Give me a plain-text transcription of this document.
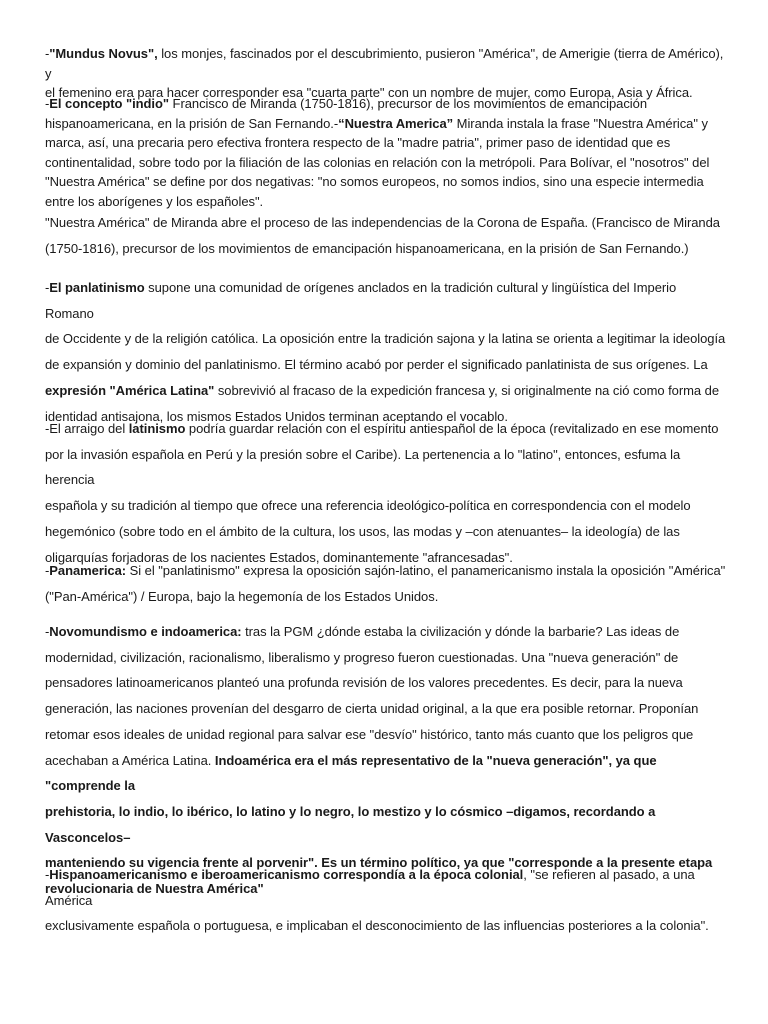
-"Mundus Novus", los monjes, fascinados por el descubrimiento, pusieron "América", de Amerigie (tierra de Américo), y
el femenino era para hacer corresponder esa "cuarta parte" con un nombre de mujer, como Europa, Asia y África.

-El concepto "indio" Francisco de Miranda (1750-1816), precursor de los movimientos de emancipación
hispanoamericana, en la prisión de San Fernando.-“Nuestra America” Miranda instala la frase "Nuestra América" y
marca, así, una precaria pero efectiva frontera respecto de la "madre patria", primer paso de identidad que es
continentalidad, sobre todo por la filiación de las colonias en relación con la metrópoli. Para Bolívar, el "nosotros" del
"Nuestra América" se define por dos negativas: "no somos europeos, no somos indios, sino una especie intermedia
entre los aborígenes y los españoles".

"Nuestra América" de Miranda abre el proceso de las independencias de la Corona de España. (Francisco de Miranda
(1750-1816), precursor de los movimientos de emancipación hispanoamericana, en la prisión de San Fernando.)

-El panlatinismo supone una comunidad de orígenes anclados en la tradición cultural y lingüística del Imperio Romano
de Occidente y de la religión católica. La oposición entre la tradición sajona y la latina se orienta a legitimar la ideología
de expansión y dominio del panlatinismo. El término acabó por perder el significado panlatinista de sus orígenes. La
expresión "América Latina" sobrevivió al fracaso de la expedición francesa y, si originalmente na ció como forma de
identidad antisajona, los mismos Estados Unidos terminan aceptando el vocablo.

-El arraigo del latinismo podría guardar relación con el espíritu antiespañol de la época (revitalizado en ese momento
por la invasión española en Perú y la presión sobre el Caribe). La pertenencia a lo "latino", entonces, esfuma la herencia
española y su tradición al tiempo que ofrece una referencia ideológico-política en correspondencia con el modelo
hegemónico (sobre todo en el ámbito de la cultura, los usos, las modas y –con atenuantes– la ideología) de las
oligarquías forjadoras de los nacientes Estados, dominantemente "afrancesadas".

-Panamerica: Si el "panlatinismo" expresa la oposición sajón-latino, el panamericanismo instala la oposición "América"
("Pan-América") / Europa, bajo la hegemonía de los Estados Unidos.

-Novomundismo e indoamerica: tras la PGM ¿dónde estaba la civilización y dónde la barbarie? Las ideas de
modernidad, civilización, racionalismo, liberalismo y progreso fueron cuestionadas. Una "nueva generación" de
pensadores latinoamericanos planteó una profunda revisión de los valores precedentes. Es decir, para la nueva
generación, las naciones provenían del desgarro de cierta unidad original, a la que era posible retornar. Proponían
retomar esos ideales de unidad regional para salvar ese "desvío" histórico, tanto más cuanto que los peligros que
acechaban a América Latina. Indoamérica era el más representativo de la "nueva generación", ya que "comprende la
prehistoria, lo indio, lo ibérico, lo latino y lo negro, lo mestizo y lo cósmico –digamos, recordando a Vasconcelos–
manteniendo su vigencia frente al porvenir". Es un término político, ya que "corresponde a la presente etapa
revolucionaria de Nuestra América"

-Hispanoamericanismo e iberoamericanismo correspondía a la época colonial, "se refieren al pasado, a una América
exclusivamente española o portuguesa, e implicaban el desconocimiento de las influencias posteriores a la colonia".
